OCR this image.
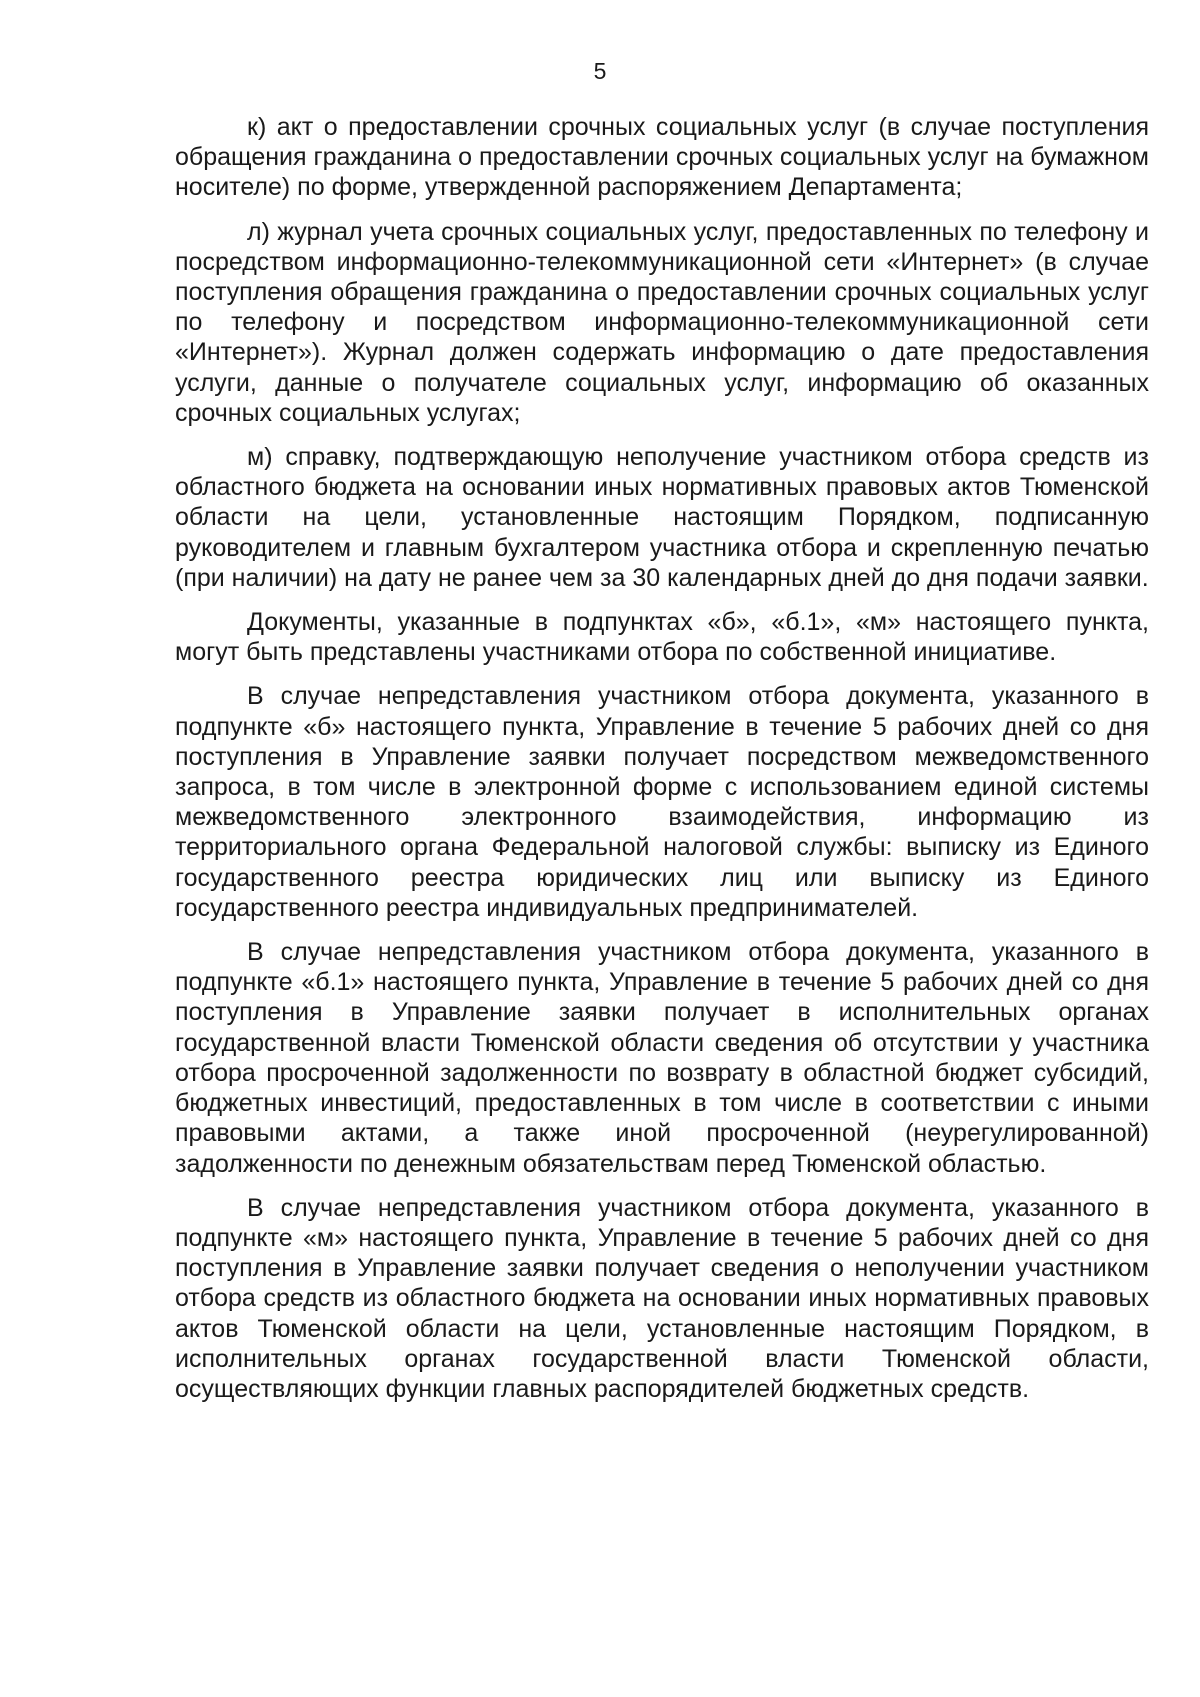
5

к) акт о предоставлении срочных социальных услуг (в случае поступления обращения гражданина о предоставлении срочных социальных услуг на бумажном носителе) по форме, утвержденной распоряжением Департамента;

л) журнал учета срочных социальных услуг, предоставленных по телефону и посредством информационно-телекоммуникационной сети «Интернет» (в случае поступления обращения гражданина о предоставлении срочных социальных услуг по телефону и посредством информационно-телекоммуникационной сети «Интернет»). Журнал должен содержать информацию о дате предоставления услуги, данные о получателе социальных услуг, информацию об оказанных срочных социальных услугах;

м) справку, подтверждающую неполучение участником отбора средств из областного бюджета на основании иных нормативных правовых актов Тюменской области на цели, установленные настоящим Порядком, подписанную руководителем и главным бухгалтером участника отбора и скрепленную печатью (при наличии) на дату не ранее чем за 30 календарных дней до дня подачи заявки.

Документы, указанные в подпунктах «б», «б.1», «м» настоящего пункта, могут быть представлены участниками отбора по собственной инициативе.

В случае непредставления участником отбора документа, указанного в подпункте «б» настоящего пункта, Управление в течение 5 рабочих дней со дня поступления в Управление заявки получает посредством межведомственного запроса, в том числе в электронной форме с использованием единой системы межведомственного электронного взаимодействия, информацию из территориального органа Федеральной налоговой службы: выписку из Единого государственного реестра юридических лиц или выписку из Единого государственного реестра индивидуальных предпринимателей.

В случае непредставления участником отбора документа, указанного в подпункте «б.1» настоящего пункта, Управление в течение 5 рабочих дней со дня поступления в Управление заявки получает в исполнительных органах государственной власти Тюменской области сведения об отсутствии у участника отбора просроченной задолженности по возврату в областной бюджет субсидий, бюджетных инвестиций, предоставленных в том числе в соответствии с иными правовыми актами, а также иной просроченной (неурегулированной) задолженности по денежным обязательствам перед Тюменской областью.

В случае непредставления участником отбора документа, указанного в подпункте «м» настоящего пункта, Управление в течение 5 рабочих дней со дня поступления в Управление заявки получает сведения о неполучении участником отбора средств из областного бюджета на основании иных нормативных правовых актов Тюменской области на цели, установленные настоящим Порядком, в исполнительных органах государственной власти Тюменской области, осуществляющих функции главных распорядителей бюджетных средств.
